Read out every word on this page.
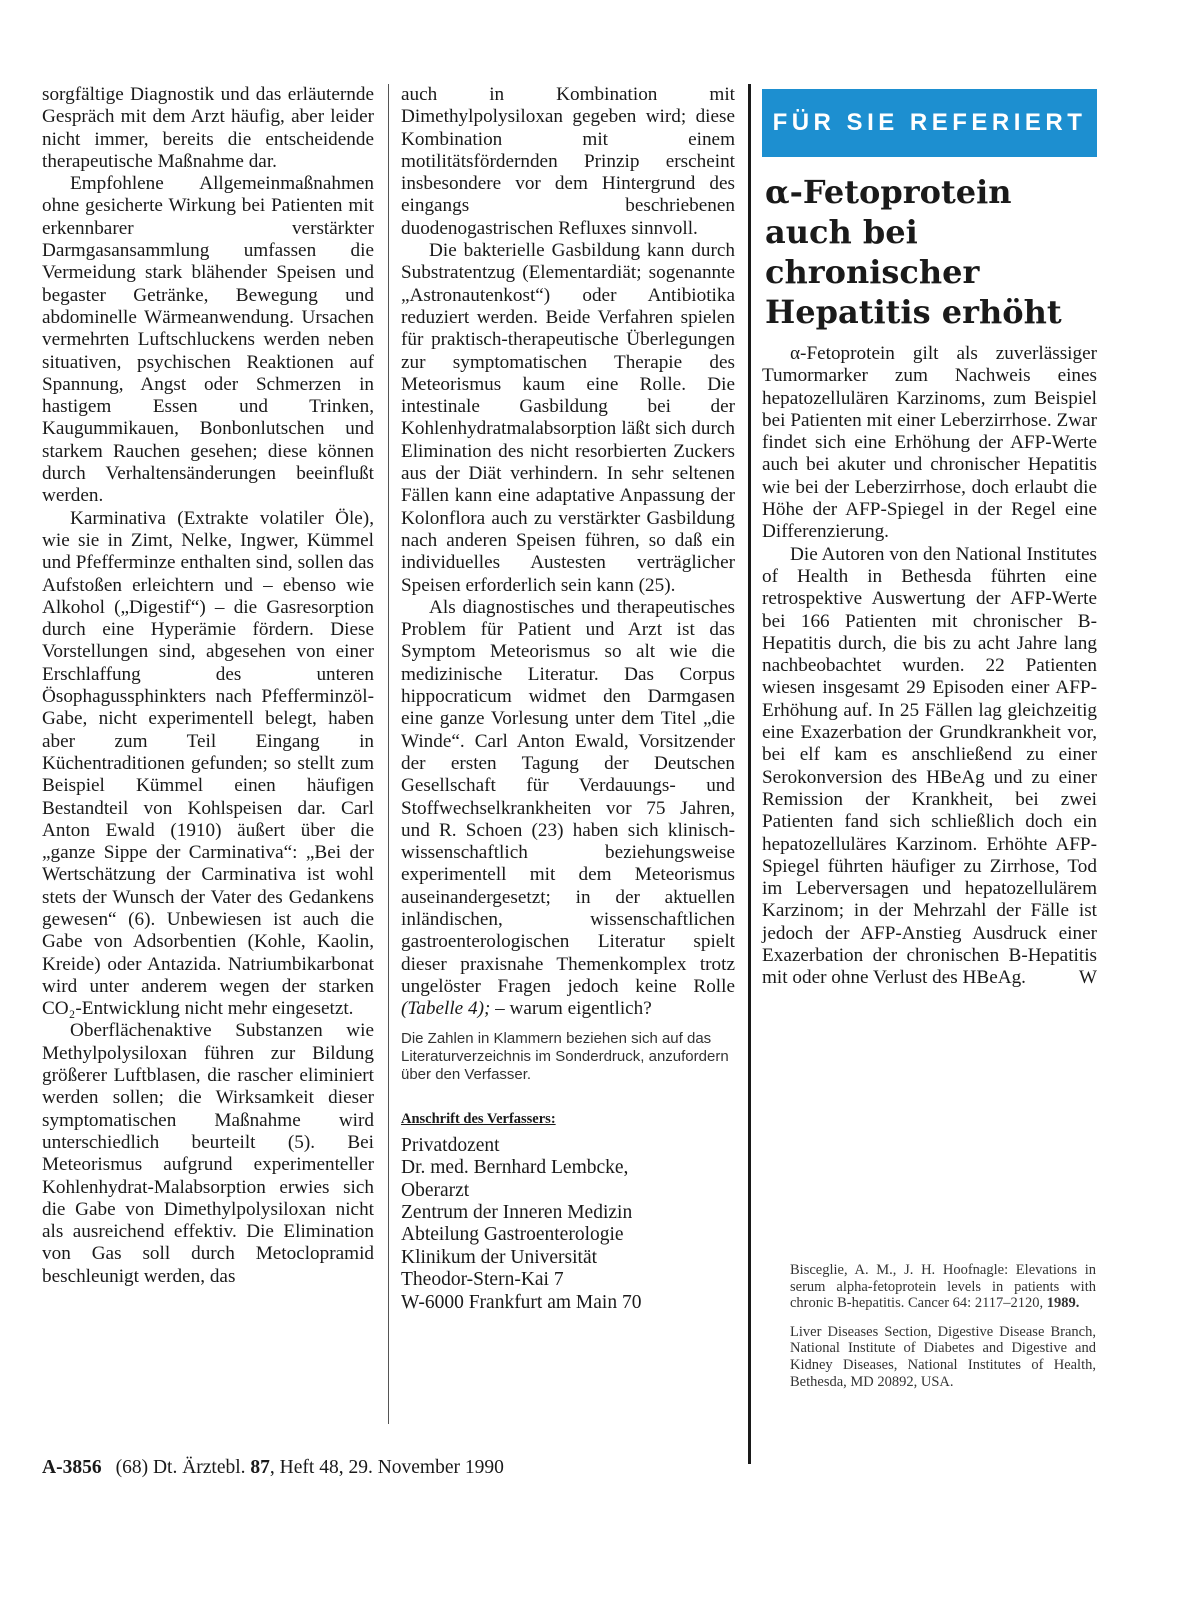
sorgfältige Diagnostik und das erläuternde Gespräch mit dem Arzt häufig, aber leider nicht immer, bereits die entscheidende therapeutische Maßnahme dar.

Empfohlene Allgemeinmaßnahmen ohne gesicherte Wirkung bei Patienten mit erkennbarer verstärkter Darmgasansammlung umfassen die Vermeidung stark blähender Speisen und begaster Getränke, Bewegung und abdominelle Wärmeanwendung. Ursachen vermehrten Luftschluckens werden neben situativen, psychischen Reaktionen auf Spannung, Angst oder Schmerzen in hastigem Essen und Trinken, Kaugummikauen, Bonbonlutschen und starkem Rauchen gesehen; diese können durch Verhaltensänderungen beeinflußt werden.

Karminativa (Extrakte volatiler Öle), wie sie in Zimt, Nelke, Ingwer, Kümmel und Pfefferminze enthalten sind, sollen das Aufstoßen erleichtern und – ebenso wie Alkohol („Digestif“) – die Gasresorption durch eine Hyperämie fördern. Diese Vorstellungen sind, abgesehen von einer Erschlaffung des unteren Ösophagussphinkters nach Pfefferminzöl-Gabe, nicht experimentell belegt, haben aber zum Teil Eingang in Küchentraditionen gefunden; so stellt zum Beispiel Kümmel einen häufigen Bestandteil von Kohlspeisen dar. Carl Anton Ewald (1910) äußert über die „ganze Sippe der Carminativa“: „Bei der Wertschätzung der Carminativa ist wohl stets der Wunsch der Vater des Gedankens gewesen“ (6). Unbewiesen ist auch die Gabe von Adsorbentien (Kohle, Kaolin, Kreide) oder Antazida. Natriumbikarbonat wird unter anderem wegen der starken CO₂-Entwicklung nicht mehr eingesetzt.

Oberflächenaktive Substanzen wie Methylpolysiloxan führen zur Bildung größerer Luftblasen, die rascher eliminiert werden sollen; die Wirksamkeit dieser symptomatischen Maßnahme wird unterschiedlich beurteilt (5). Bei Meteorismus aufgrund experimenteller Kohlenhydrat-Malabsorption erwies sich die Gabe von Dimethylpolysiloxan nicht als ausreichend effektiv. Die Elimination von Gas soll durch Metoclopramid beschleunigt werden, das

auch in Kombination mit Dimethylpolysiloxan gegeben wird; diese Kombination mit einem motilitätsfördernden Prinzip erscheint insbesondere vor dem Hintergrund des eingangs beschriebenen duodenogastrischen Refluxes sinnvoll.

Die bakterielle Gasbildung kann durch Substratentzug (Elementardiät; sogenannte „Astronautenkost“) oder Antibiotika reduziert werden. Beide Verfahren spielen für praktisch-therapeutische Überlegungen zur symptomatischen Therapie des Meteorismus kaum eine Rolle. Die intestinale Gasbildung bei der Kohlenhydratmalabsorption läßt sich durch Elimination des nicht resorbierten Zuckers aus der Diät verhindern. In sehr seltenen Fällen kann eine adaptative Anpassung der Kolonflora auch zu verstärkter Gasbildung nach anderen Speisen führen, so daß ein individuelles Austesten verträglicher Speisen erforderlich sein kann (25).

Als diagnostisches und therapeutisches Problem für Patient und Arzt ist das Symptom Meteorismus so alt wie die medizinische Literatur. Das Corpus hippocraticum widmet den Darmgasen eine ganze Vorlesung unter dem Titel „die Winde“. Carl Anton Ewald, Vorsitzender der ersten Tagung der Deutschen Gesellschaft für Verdauungs- und Stoffwechselkrankheiten vor 75 Jahren, und R. Schoen (23) haben sich klinisch-wissenschaftlich beziehungsweise experimentell mit dem Meteorismus auseinandergesetzt; in der aktuellen inländischen, wissenschaftlichen gastroenterologischen Literatur spielt dieser praxisnahe Themenkomplex trotz ungelöster Fragen jedoch keine Rolle (Tabelle 4); – warum eigentlich?

Die Zahlen in Klammern beziehen sich auf das Literaturverzeichnis im Sonderdruck, anzufordern über den Verfasser.
Anschrift des Verfassers:
Privatdozent
Dr. med. Bernhard Lembcke,
Oberarzt
Zentrum der Inneren Medizin
Abteilung Gastroenterologie
Klinikum der Universität
Theodor-Stern-Kai 7
W-6000 Frankfurt am Main 70
FÜR SIE REFERIERT
α-Fetoprotein
auch bei
chronischer
Hepatitis erhöht

α-Fetoprotein gilt als zuverlässiger Tumormarker zum Nachweis eines hepatozellulären Karzinoms, zum Beispiel bei Patienten mit einer Leberzirrhose. Zwar findet sich eine Erhöhung der AFP-Werte auch bei akuter und chronischer Hepatitis wie bei der Leberzirrhose, doch erlaubt die Höhe der AFP-Spiegel in der Regel eine Differenzierung.

Die Autoren von den National Institutes of Health in Bethesda führten eine retrospektive Auswertung der AFP-Werte bei 166 Patienten mit chronischer B-Hepatitis durch, die bis zu acht Jahre lang nachbeobachtet wurden. 22 Patienten wiesen insgesamt 29 Episoden einer AFP-Erhöhung auf. In 25 Fällen lag gleichzeitig eine Exazerbation der Grundkrankheit vor, bei elf kam es anschließend zu einer Serokonversion des HBeAg und zu einer Remission der Krankheit, bei zwei Patienten fand sich schließlich doch ein hepatozelluläres Karzinom. Erhöhte AFP-Spiegel führten häufiger zu Zirrhose, Tod im Leberversagen und hepatozellulärem Karzinom; in der Mehrzahl der Fälle ist jedoch der AFP-Anstieg Ausdruck einer Exazerbation der chronischen B-Hepatitis mit oder ohne Verlust des HBeAg.	W

Bisceglie, A. M., J. H. Hoofnagle: Elevations in serum alpha-fetoprotein levels in patients with chronic B-hepatitis. Cancer 64: 2117–2120, 1989.

Liver Diseases Section, Digestive Disease Branch, National Institute of Diabetes and Digestive and Kidney Diseases, National Institutes of Health, Bethesda, MD 20892, USA.

A-3856 (68) Dt. Ärztebl. 87, Heft 48, 29. November 1990
